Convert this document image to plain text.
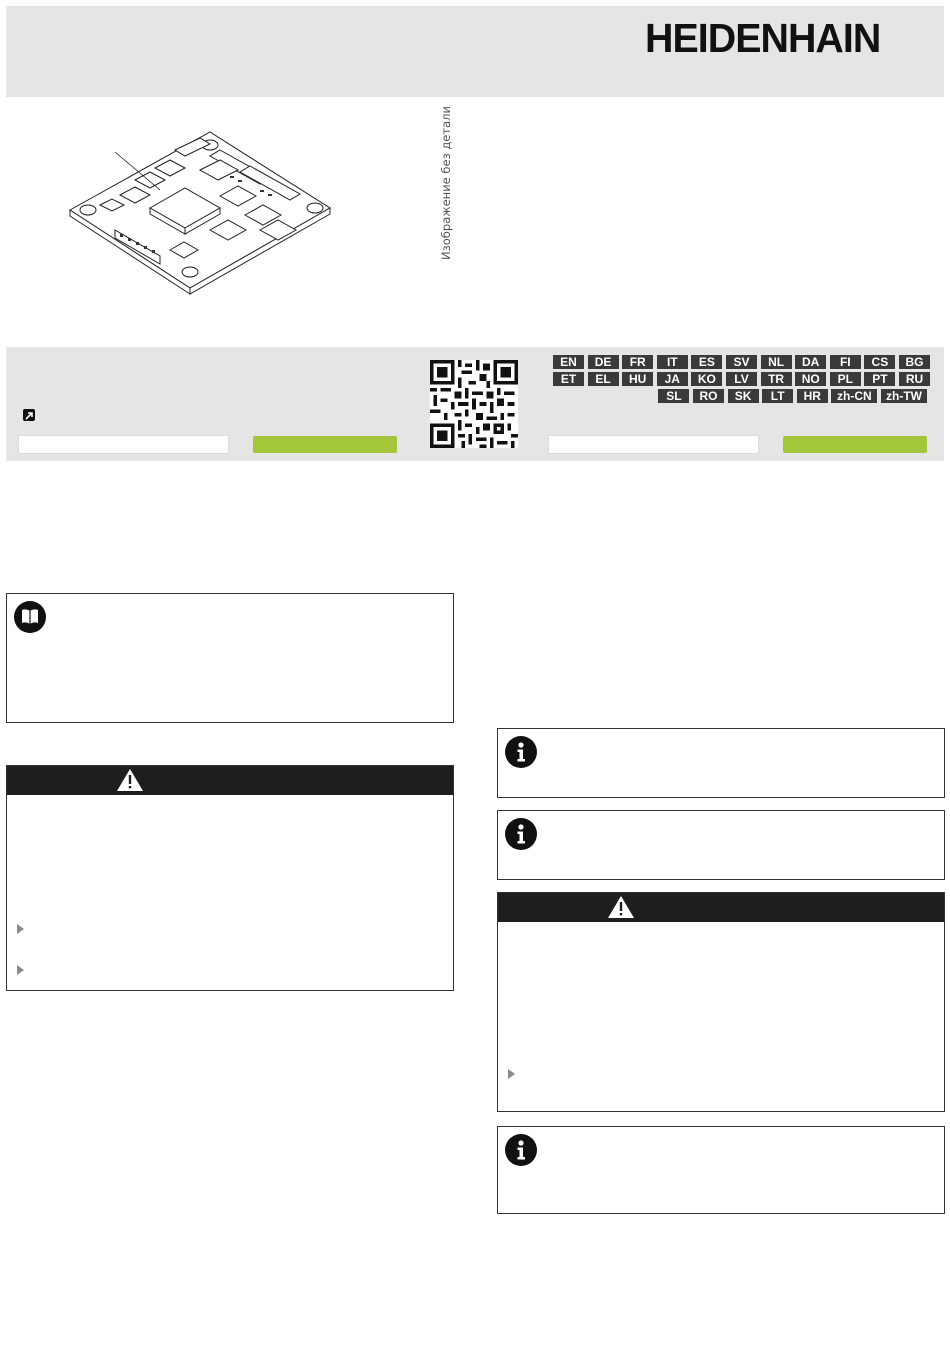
HEIDENHAIN
Изображение без детали
EN	DE	FR	IT	ES	SV	NL	DA	FI	CS	BG
ET	EL	HU	JA	KO	LV	TR	NO	PL	PT	RU
SL	RO	SK	LT	HR	zh-CN	zh-TW
